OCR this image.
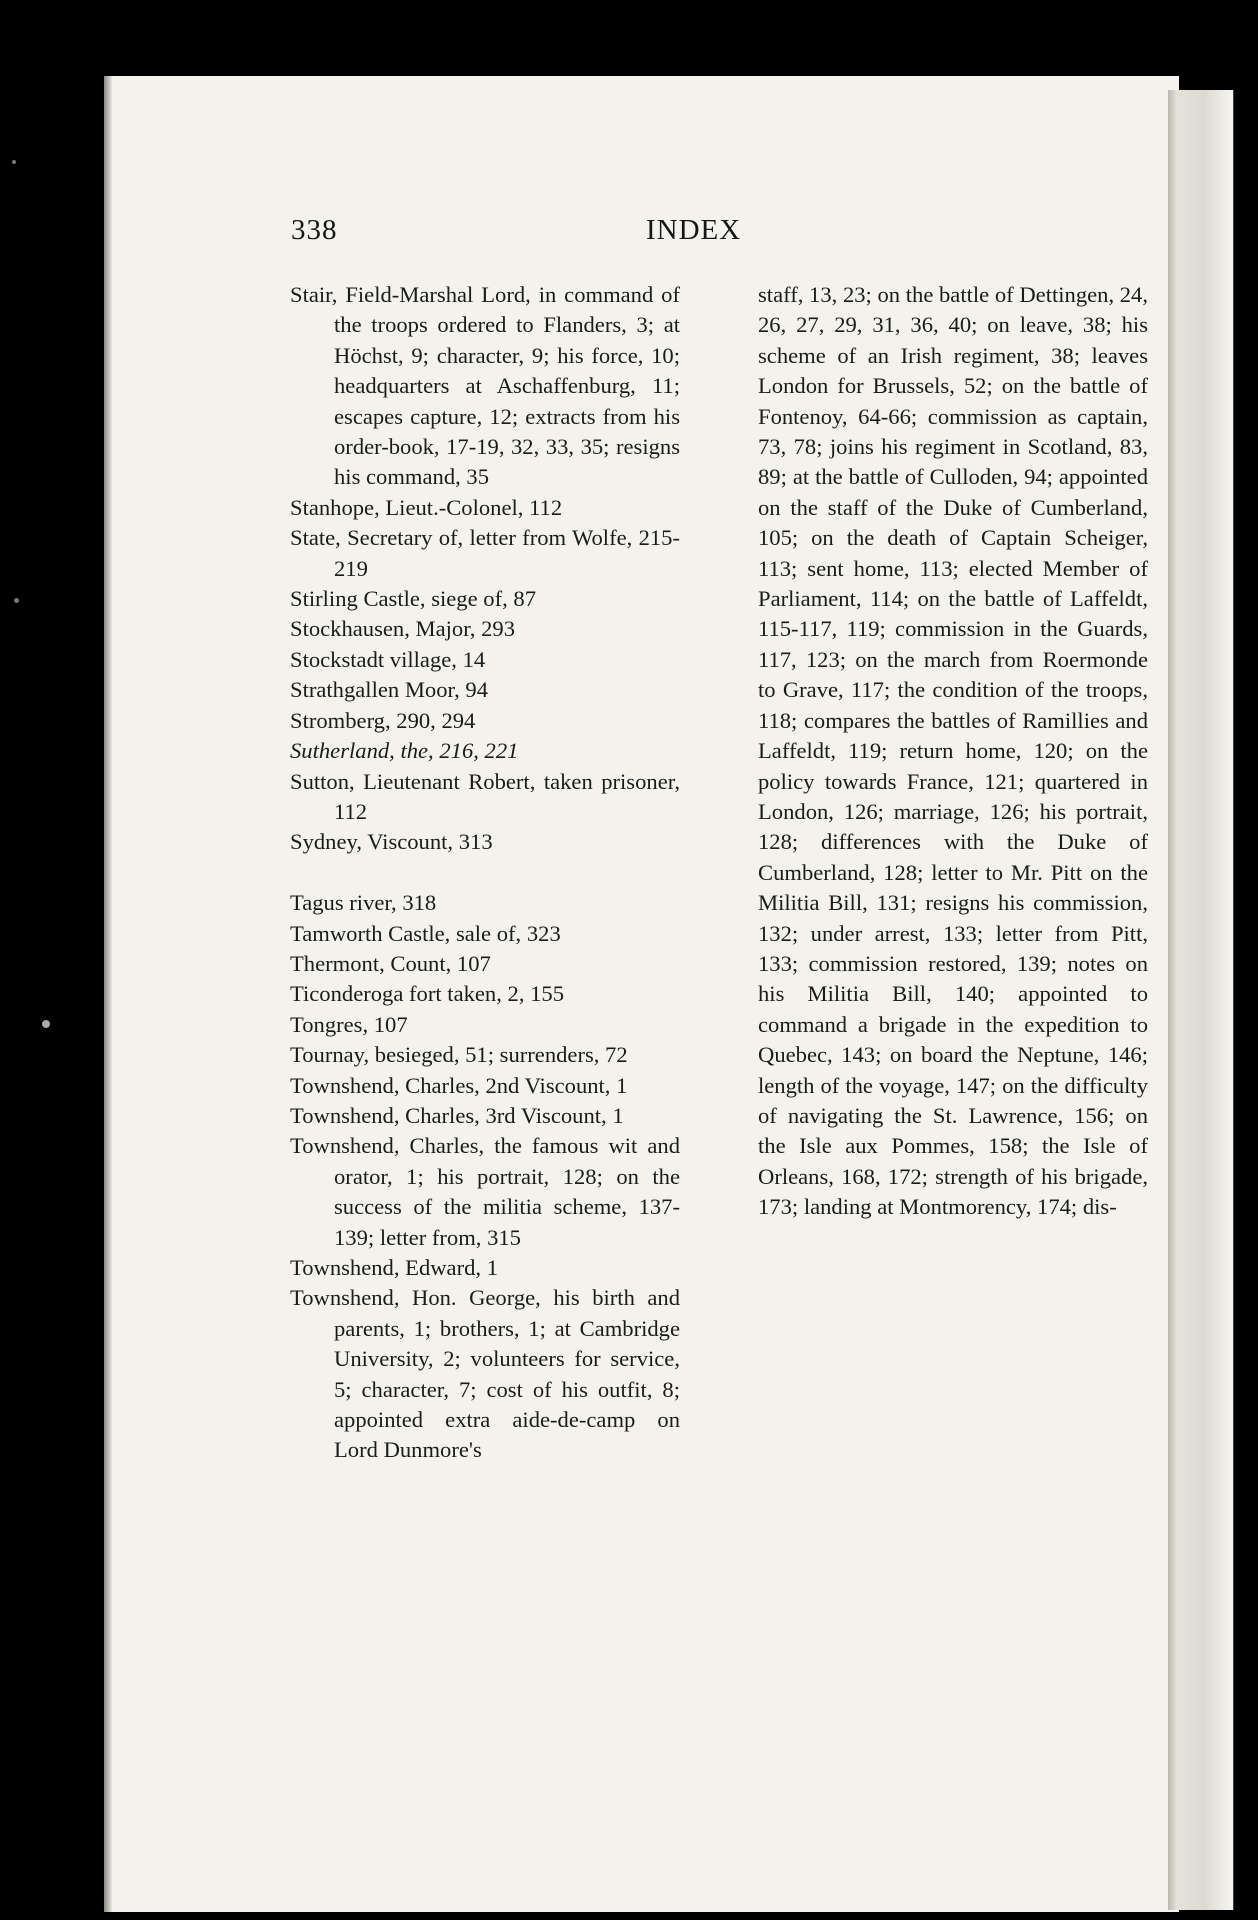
338	INDEX

Stair, Field-Marshal Lord, in command of the troops ordered to Flanders, 3; at Höchst, 9; character, 9; his force, 10; headquarters at Aschaffenburg, 11; escapes capture, 12; extracts from his order-book, 17-19, 32, 33, 35; resigns his command, 35

Stanhope, Lieut.-Colonel, 112

State, Secretary of, letter from Wolfe, 215-219

Stirling Castle, siege of, 87

Stockhausen, Major, 293

Stockstadt village, 14

Strathgallen Moor, 94

Stromberg, 290, 294

Sutherland, the, 216, 221

Sutton, Lieutenant Robert, taken prisoner, 112

Sydney, Viscount, 313

Tagus river, 318

Tamworth Castle, sale of, 323

Thermont, Count, 107

Ticonderoga fort taken, 2, 155

Tongres, 107

Tournay, besieged, 51; surrenders, 72

Townshend, Charles, 2nd Viscount, 1

Townshend, Charles, 3rd Viscount, 1

Townshend, Charles, the famous wit and orator, 1; his portrait, 128; on the success of the militia scheme, 137-139; letter from, 315

Townshend, Edward, 1

Townshend, Hon. George, his birth and parents, 1; brothers, 1; at Cambridge University, 2; volunteers for service, 5; character, 7; cost of his outfit, 8; appointed extra aide-de-camp on Lord Dunmore's

staff, 13, 23; on the battle of Dettingen, 24, 26, 27, 29, 31, 36, 40; on leave, 38; his scheme of an Irish regiment, 38; leaves London for Brussels, 52; on the battle of Fontenoy, 64-66; commission as captain, 73, 78; joins his regiment in Scotland, 83, 89; at the battle of Culloden, 94; appointed on the staff of the Duke of Cumberland, 105; on the death of Captain Scheiger, 113; sent home, 113; elected Member of Parliament, 114; on the battle of Laffeldt, 115-117, 119; commission in the Guards, 117, 123; on the march from Roermonde to Grave, 117; the condition of the troops, 118; compares the battles of Ramillies and Laffeldt, 119; return home, 120; on the policy towards France, 121; quartered in London, 126; marriage, 126; his portrait, 128; differences with the Duke of Cumberland, 128; letter to Mr. Pitt on the Militia Bill, 131; resigns his commission, 132; under arrest, 133; letter from Pitt, 133; commission restored, 139; notes on his Militia Bill, 140; appointed to command a brigade in the expedition to Quebec, 143; on board the Neptune, 146; length of the voyage, 147; on the difficulty of navigating the St. Lawrence, 156; on the Isle aux Pommes, 158; the Isle of Orleans, 168, 172; strength of his brigade, 173; landing at Montmorency, 174; dis-
